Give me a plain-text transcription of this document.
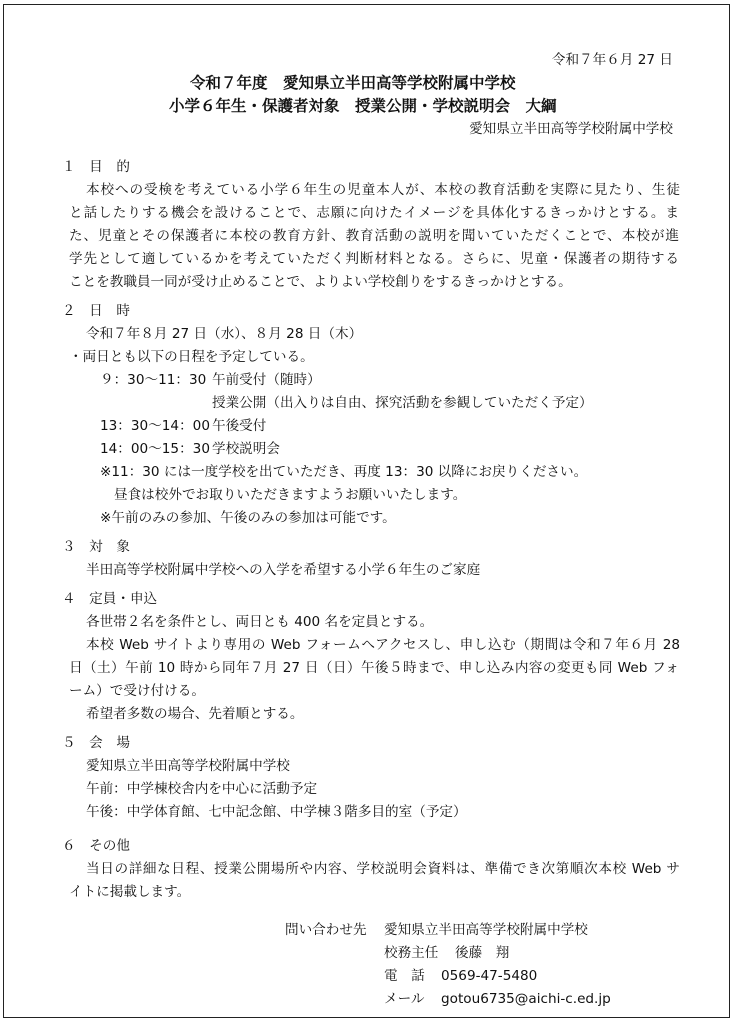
令和７年６月 27 日
令和７年度　愛知県立半田高等学校附属中学校
小学６年生・保護者対象　授業公開・学校説明会　大綱
愛知県立半田高等学校附属中学校
１　目　的
本校への受検を考えている小学６年生の児童本人が、本校の教育活動を実際に見たり、生徒
と話したりする機会を設けることで、志願に向けたイメージを具体化するきっかけとする。ま
た、児童とその保護者に本校の教育方針、教育活動の説明を聞いていただくことで、本校が進
学先として適しているかを考えていただく判断材料となる。さらに、児童・保護者の期待する
ことを教職員一同が受け止めることで、よりよい学校創りをするきっかけとする。
２　日　時
令和７年８月 27 日（水）、８月 28 日（木）
・両日とも以下の日程を予定している。
９：30～11：30 午前受付（随時）
授業公開（出入りは自由、探究活動を参観していただく予定）
13：30～14：00 午後受付
14：00～15：30 学校説明会
※11：30 には一度学校を出ていただき、再度 13：30 以降にお戻りください。
昼食は校外でお取りいただきますようお願いいたします。
※午前のみの参加、午後のみの参加は可能です。
３　対　象
半田高等学校附属中学校への入学を希望する小学６年生のご家庭
４　定員・申込
各世帯２名を条件とし、両日とも 400 名を定員とする。
本校 Web サイトより専用の Web フォームへアクセスし、申し込む（期間は令和７年６月 28
日（土）午前 10 時から同年７月 27 日（日）午後５時まで、申し込み内容の変更も同 Web フォ
ーム）で受け付ける。
希望者多数の場合、先着順とする。
５　会　場
愛知県立半田高等学校附属中学校
午前：中学棟校舎内を中心に活動予定
午後：中学体育館、七中記念館、中学棟３階多目的室（予定）
６　その他
当日の詳細な日程、授業公開場所や内容、学校説明会資料は、準備でき次第順次本校 Web サ
イトに掲載します。
問い合わせ先 愛知県立半田高等学校附属中学校
校務主任 後藤　翔
電　話 0569-47-5480
メール gotou6735@aichi-c.ed.jp
